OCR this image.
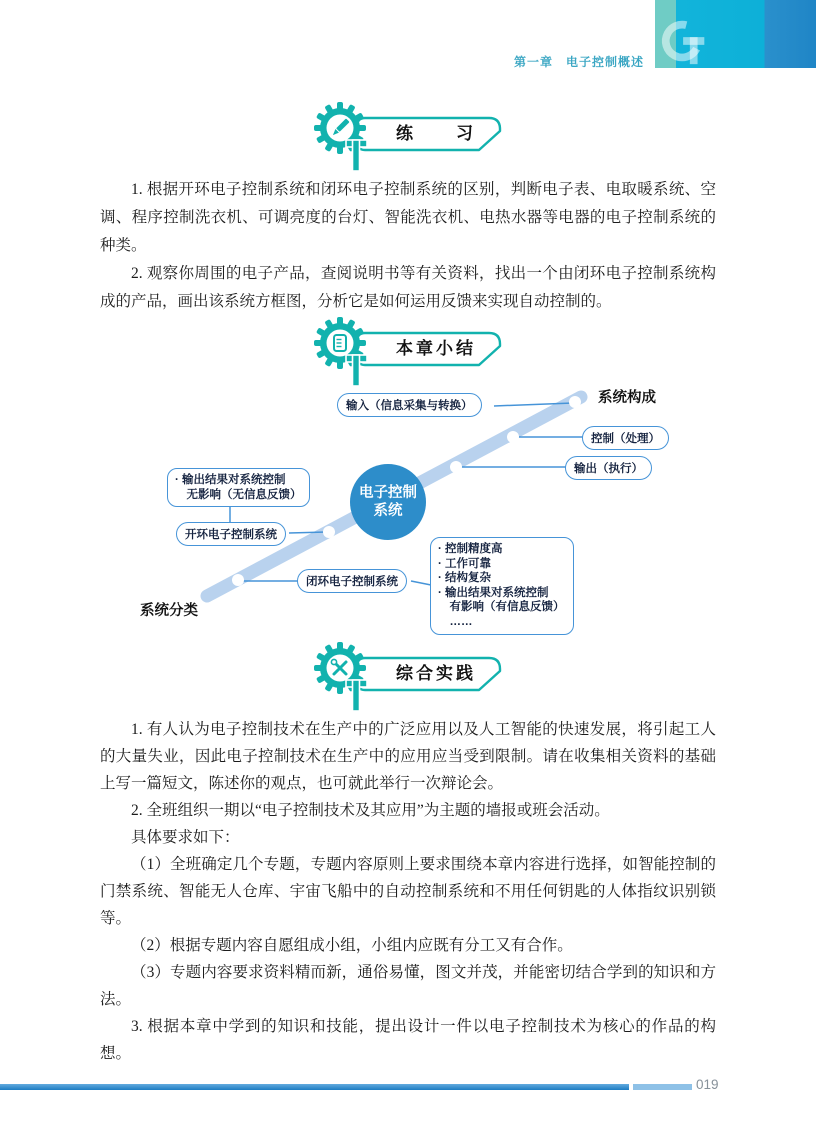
第一章　电子控制概述
练　　习

1. 根据开环电子控制系统和闭环电子控制系统的区别，判断电子表、电取暖系统、空调、程序控制洗衣机、可调亮度的台灯、智能洗衣机、电热水器等电器的电子控制系统的种类。

2. 观察你周围的电子产品，查阅说明书等有关资料，找出一个由闭环电子控制系统构成的产品，画出该系统方框图，分析它是如何运用反馈来实现自动控制的。

本章小结
系统构成
系统分类
输入（信息采集与转换）
控制（处理）
输出（执行）
· 输出结果对系统控制
　无影响（无信息反馈）
开环电子控制系统
闭环电子控制系统
· 控制精度高
· 工作可靠
· 结构复杂
· 输出结果对系统控制
　有影响（有信息反馈）
　……
电子控制
系统
综合实践

1. 有人认为电子控制技术在生产中的广泛应用以及人工智能的快速发展，将引起工人的大量失业，因此电子控制技术在生产中的应用应当受到限制。请在收集相关资料的基础上写一篇短文，陈述你的观点，也可就此举行一次辩论会。

2. 全班组织一期以“电子控制技术及其应用”为主题的墙报或班会活动。

具体要求如下：

（1）全班确定几个专题，专题内容原则上要求围绕本章内容进行选择，如智能控制的门禁系统、智能无人仓库、宇宙飞船中的自动控制系统和不用任何钥匙的人体指纹识别锁等。

（2）根据专题内容自愿组成小组，小组内应既有分工又有合作。

（3）专题内容要求资料精而新，通俗易懂，图文并茂，并能密切结合学到的知识和方法。

3. 根据本章中学到的知识和技能，提出设计一件以电子控制技术为核心的作品的构想。

019
